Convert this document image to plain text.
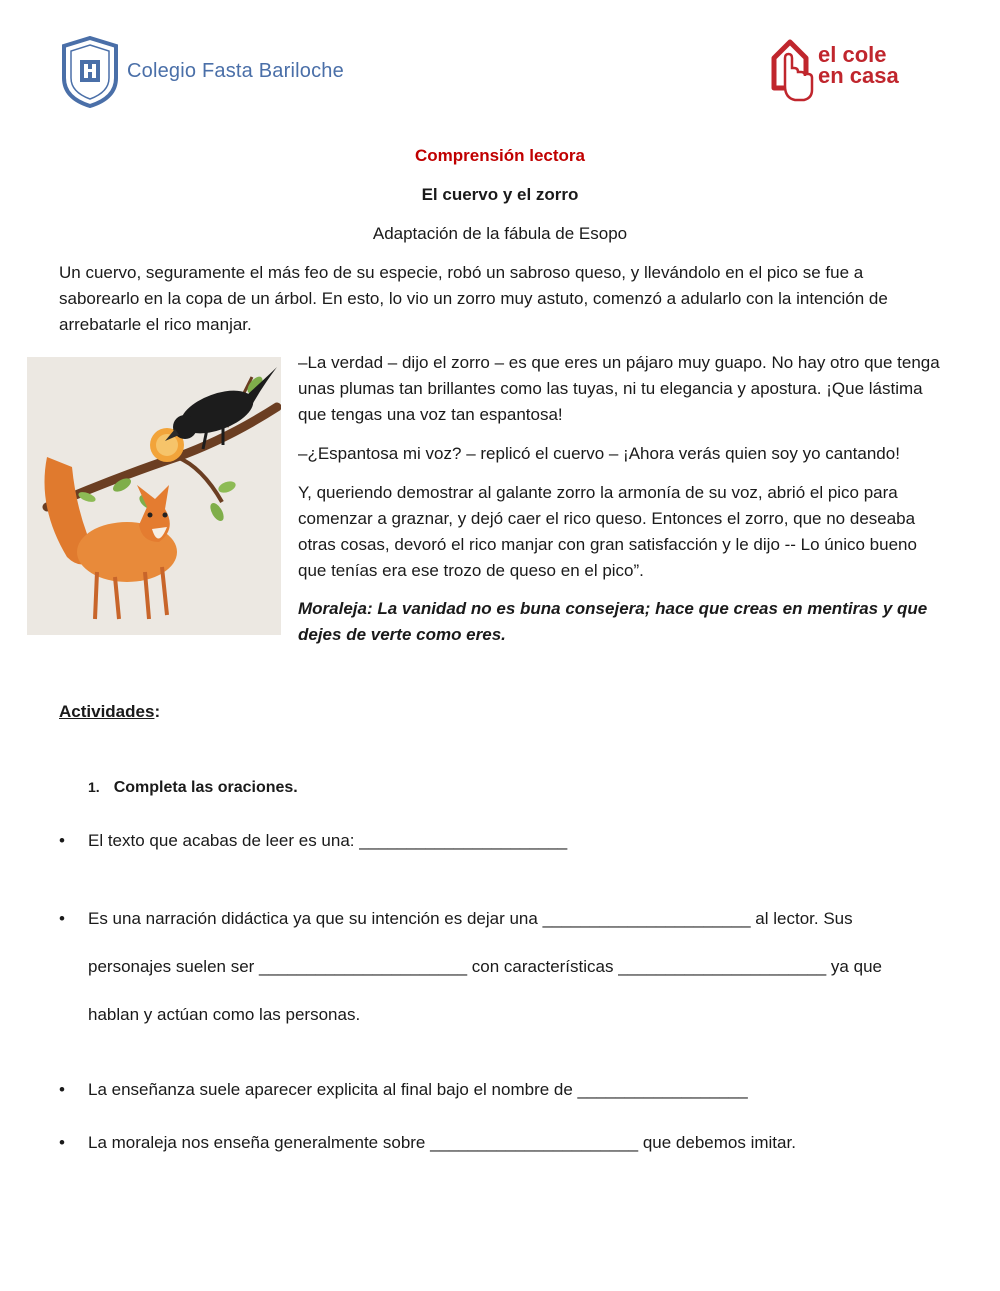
Colegio Fasta Bariloche
el cole
en casa
Comprensión lectora
El cuervo y el zorro
Adaptación de la fábula de Esopo
Un cuervo, seguramente el más feo de su especie, robó un sabroso queso, y llevándolo en el pico se fue a saborearlo en la copa de un árbol. En esto, lo vio un zorro muy astuto, comenzó a adularlo con la intención de arrebatarle el rico manjar.
–La verdad – dijo el zorro – es que eres un pájaro muy guapo. No hay otro que tenga unas plumas tan brillantes como las tuyas, ni tu elegancia y apostura. ¡Que lástima que tengas una voz tan espantosa!
–¿Espantosa mi voz? – replicó el cuervo – ¡Ahora verás quien soy yo cantando!
Y, queriendo demostrar al galante zorro la armonía de su voz, abrió el pico para comenzar a graznar, y dejó caer el rico queso. Entonces el zorro, que no deseaba otras cosas, devoró el rico manjar con gran satisfacción y le dijo -- Lo único bueno que tenías era ese trozo de queso en el pico”.
Moraleja: La vanidad no es buna consejera; hace que creas en mentiras y que dejes de verte como eres.
Actividades:
1. Completa las oraciones.
• El texto que acabas de leer es una: ______________________
• Es una narración didáctica ya que su intención es dejar una ______________________ al lector. Sus
personajes suelen ser ______________________ con características ______________________ ya que
hablan y actúan como las personas.
• La enseñanza suele aparecer explicita al final bajo el nombre de __________________
• La moraleja nos enseña generalmente sobre ______________________ que debemos imitar.
